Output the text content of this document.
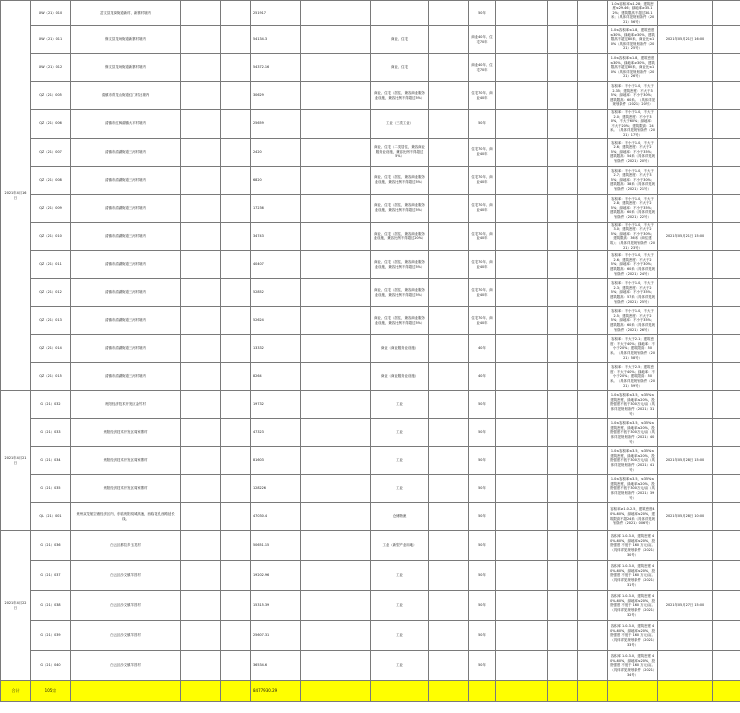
2021年4月16日	XW（21）010	岔文县龙岗街道新村、新寨村境内			251917				50年				1.0≤容积率≤1.28；建筑密度≤29.46；绿地率≥35.12%；建筑限高不超过30.1米；（具体详见规划条件（2021）56号）		
	XW（21）011	修文县龙场街道新寨村境内			54134.3		商业、住宅		商业40年、住宅70年				1.0≤容积率≤1.8，建筑密度≤30%，绿地率≥30%，建筑限高不超过80米，商业比≤10%（具体详见规划条件（2021）25号）	2021年05月21日 16:00	
	XW（21）012	修文县龙场街道新寨村境内			54372.16		商业、住宅		商业40年、住宅70年				1.0≤容积率≤1.8，建筑密度≤30%，绿地率≥30%，建筑限高不超过80米，商业比≤10%（具体详见规划条件（2021）26号）		
	QZ（21）005	清镇市青龙山街道红门村社境内			30629		商业、住宅（居住，兼容商业服务业设施，兼容比例不得超过5%）		住宅70年、商业40年				容积率：不小于1.0，不大于2.35；建筑密度：不大于35%；绿地率：不小于30%；建筑限高：60米。（具体详见规划条件（2021）20号）		
	QZ（21）006	清镇市红枫湖镇大平村境内			25659		工业（三类工业）		50年				容积率：不小于1.0，不大于2.0；建筑密度：不小于30%，不大于60%；绿地率：不大于20%；建筑限高：24米。（具体详见规划条件（2021）17号）		
	QZ（21）007	清镇市清湖街道三河村境内			2420		商业、住宅（二类居住，兼容商业服务业设施，兼容比例不得超过5%）		住宅70年、商业40年				容积率：不小于1.0，不大于2.6；建筑密度：不大于25%；绿地率：不小于35%；建筑限高：54米（具体详见规划条件（2021）20号）		
	QZ（21）008	清镇市清湖街道三河村境内			6820		商业、住宅（居住，兼容商业服务业设施，兼容比例不得超过5%）		住宅70年、商业40年				容积率：不小于1.0，不大于2.7；建筑密度：不大于35%；绿地率：不小于30%；建筑限高：38米（具体详见规划条件（2021）21号）		
	QZ（21）009	清镇市清湖街道三河村境内			17236		商业、住宅（居住，兼容商业服务业设施，兼容比例不得超过5%）		住宅70年、商业40年				容积率：不小于1.0，不大于2.8；建筑密度：不大于25%；绿地率：不小于35%；建筑限高：60米（具体详见规划条件（2021）22号）		
	QZ（21）010	清镇市清湖街道三河村境内			34743		商业、住宅（居住，兼容商业服务业设施，兼容比例不得超过20%）		住宅70年、商业40年				容积率：不小于1.0，不大于3.0；建筑密度：不大于25%；绿地率：不小于30%；建筑限高：36米（商住建筑）；（具体详见规划条件（2021）23号）	2021年05月21日 15:00	
	QZ（21）011	清镇市清湖街道三河村境内			40407		商业、住宅（居住，兼容商业服务业设施，兼容比例不得超过5%）		住宅70年、商业40年				容积率：不小于1.0，不大于2.6；建筑密度：不大于25%；绿地率：不小于30%；建筑限高：60米（具体详见规划条件（2021）24号）		
	QZ（21）012	清镇市清湖街道三河村境内			52852		商业、住宅（居住，兼容商业服务业设施，兼容比例不得超过5%）		住宅70年、商业40年				容积率：不小于1.0，不大于2.3；建筑密度：不大于25%；绿地率：不小于35%；建筑限高：57米（具体详见规划条件（2021）25号）		
	QZ（21）013	清镇市清湖街道三河村境内			52624		商业、住宅（居住，兼容商业服务业设施，兼容比例不得超过5%）		住宅70年、商业40年				容积率：不小于1.0，不大于2.5；建筑密度：不大于25%；绿地率：不小于35%；建筑限高：60米（具体详见规划条件（2021）26号）		
	QZ（21）014	清镇市清湖街道三河村境内			13332		商业（商业服务业设施）		40年				容积率：不大于2.1；建筑密度：不大于40%；绿地率：不小于20%；建筑限高：50米。（具体详见规划条件（2021）58号）		
	QZ（21）015	清镇市清湖街道三河村境内			8264		商业（商业服务业设施）		40年				容积率：不大于2.5；建筑密度：不大于40%；绿地率：不小于20%；建筑限高：50米。（具体详见规划条件（2021）59号）		
2021年4月21日	G（21）032	贵阳经济技术开发区金竹村			19732		工业		50年				1.0≤容积率≤3.5，≤35%≤建筑密度，绿地率≤20%，投资强度不低于300万元/亩（具体详见规划条件（2021）31号）		
	G（21）033	贵阳经济技术开发区周家寨村			47323		工业		50年				1.0≤容积率≤3.5，≤35%≤建筑密度，绿地率≤20%，投资强度不低于300万元/亩（具体详见规划条件（2021）40号）		
	G（21）034	贵阳经济技术开发区周家寨村			81603		工业		50年				1.0≤容积率≤3.5，≤35%≤建筑密度，绿地率≤20%，投资强度不低于300万元/亩（具体详见规划条件（2021）41号）	2021年05月28日 15:00	
	G（21）035	贵阳经济技术开发区周家寨村			128226		工业		50年				1.0≤容积率≤3.5，≤35%≤建筑密度，绿地率≤20%，投资强度不低于300万元/亩（具体详见规划条件（2021）39号）		
	QL（21）001	贵州双龙航空港经济区内，东临贵阳绕城高速，西临花孔西路延长线。			47030.4		仓储物流		50年				容积率≥1.0-2.5，建筑密度40%-60%，绿地率≤20%，建筑限高不超24米（具体详见规划条件（2021）006号）	2021年05月28日 10:00	
2021年4月22日	G（21）036	白云区都拉乡玉龙村			50651.15		工业（新型产业用地）		50年				容积率 1.0-3.0，建筑密度 40%-60%，绿地率≤20%，投资强度 不低于 160 万元/亩。（具体详见规划条件（2021）30号）		
	G（21）037	白云区沙文镇羊昌村			19202.96		工业		50年				容积率 1.0-3.0，建筑密度 40%-60%，绿地率≤20%，投资强度 不低于 160 万元/亩。（具体详见规划条件（2021）31号）		
	G（21）038	白云区沙文镇羊昌村			15315.39		工业		50年				容积率 1.0-3.0，建筑密度 40%-60%，绿地率≤20%，投资强度 不低于 160 万元/亩。（具体详见规划条件（2021）32号）	2021年05月27日 15:00	
	G（21）039	白云区沙文镇羊昌村			25607.31		工业		50年				容积率 1.0-3.0，建筑密度 40%-60%，绿地率≤20%，投资强度 不低于 160 万元/亩。（具体详见规划条件（2021）33号）		
	G（21）040	白云区沙文镇羊昌村			36534.6		工业		50年				容积率 1.0-3.0，建筑密度 40%-60%，绿地率≤20%，投资强度 不低于 160 万元/亩。（具体详见规划条件（2021）34号）		
合计	105宗				8477930.29										
